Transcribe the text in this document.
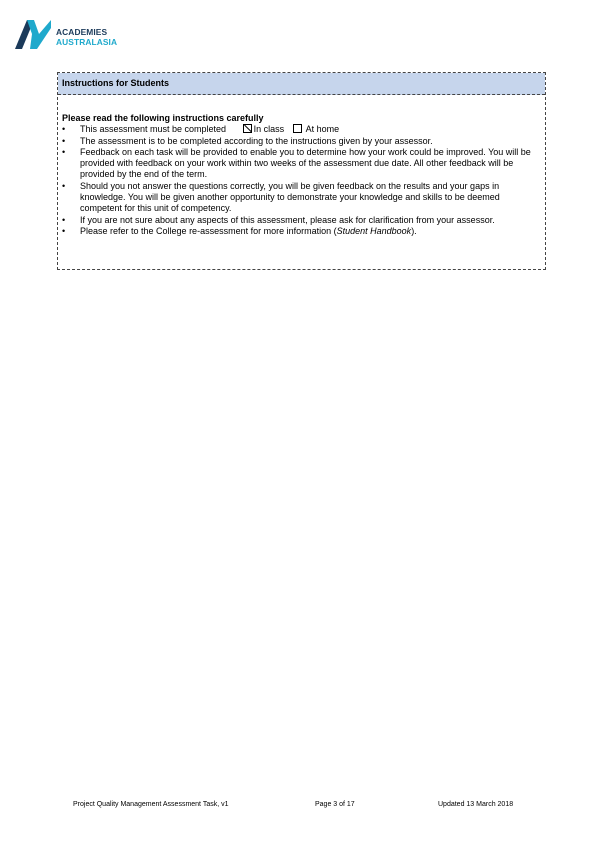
ACADEMIES
AUSTRALASIA
Instructions for Students
Please read the following instructions carefully
• This assessment must be completed	In class At home
• The assessment is to be completed according to the instructions given by your assessor.
• Feedback on each task will be provided to enable you to determine how your work could be improved. You will be provided with feedback on your work within two weeks of the assessment due date. All other feedback will be provided by the end of the term.
• Should you not answer the questions correctly, you will be given feedback on the results and your gaps in knowledge. You will be given another opportunity to demonstrate your knowledge and skills to be deemed competent for this unit of competency.
• If you are not sure about any aspects of this assessment, please ask for clarification from your assessor.
• Please refer to the College re-assessment for more information (Student Handbook).
Project Quality Management Assessment Task, v1	Page 3 of 17	Updated 13 March 2018
